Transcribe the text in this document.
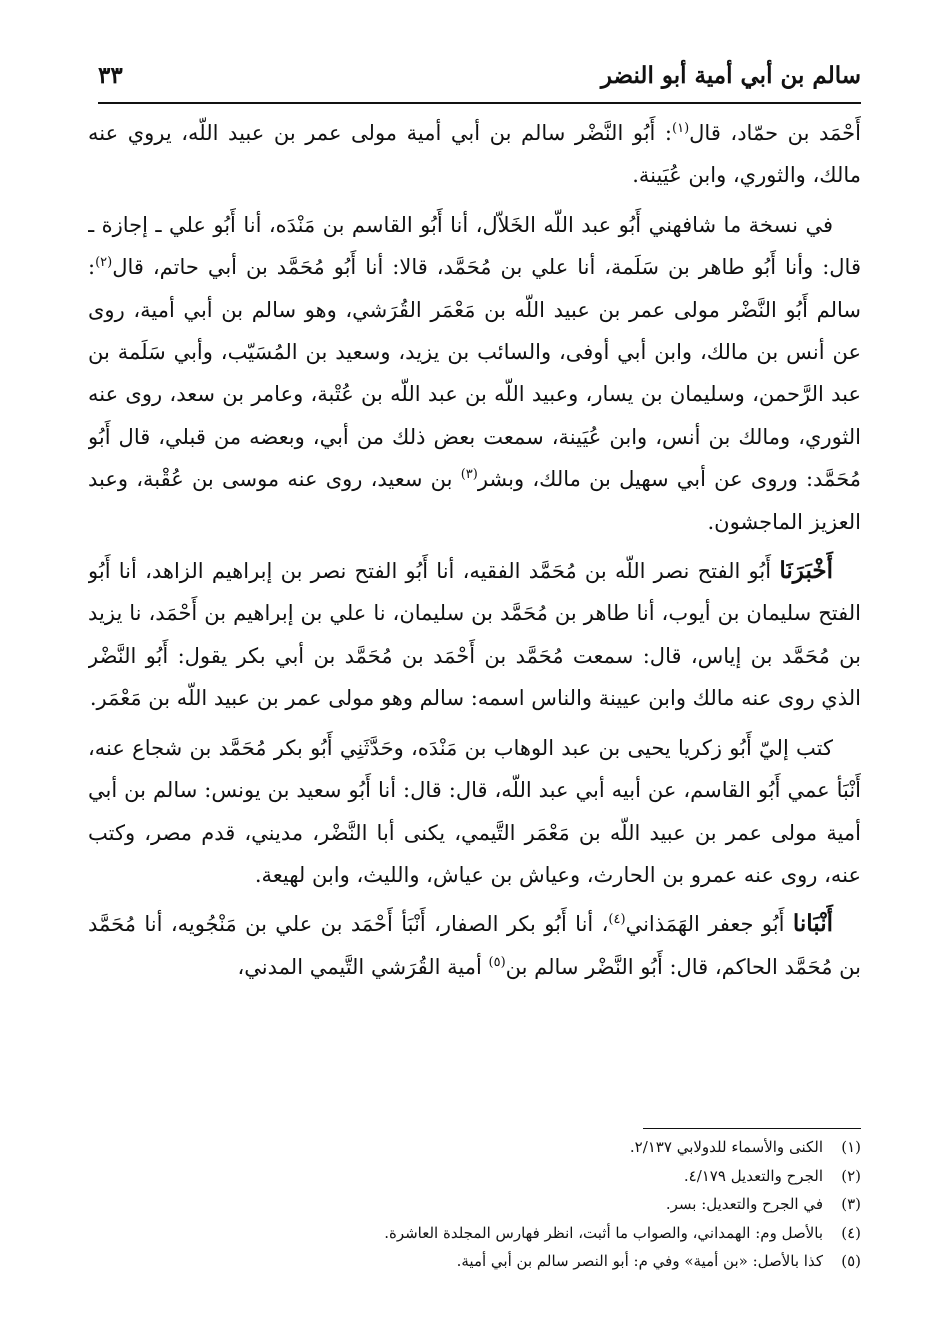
سالم بن أبي أمية أبو النضر
٣٣

أَحْمَد بن حمّاد، قال$^{(١)}$: أَبُو النَّضْر سالم بن أبي أمية مولى عمر بن عبيد اللّه، يروي عنه مالك، والثوري، وابن عُيَينة.

في نسخة ما شافهني أَبُو عبد اللّه الخَلاّل، أنا أَبُو القاسم بن مَنْدَه، أنا أَبُو علي ـ إجازة ـ قال: وأنا أَبُو طاهر بن سَلَمة، أنا علي بن مُحَمَّد، قالا: أنا أَبُو مُحَمَّد بن أبي حاتم، قال$^{(٢)}$: سالم أَبُو النَّضْر مولى عمر بن عبيد اللّه بن مَعْمَر القُرَشي، وهو سالم بن أبي أمية، روى عن أنس بن مالك، وابن أبي أوفى، والسائب بن يزيد، وسعيد بن المُسَيّب، وأبي سَلَمة بن عبد الرَّحمن، وسليمان بن يسار، وعبيد اللّه بن عبد اللّه بن عُتْبة، وعامر بن سعد، روى عنه الثوري، ومالك بن أنس، وابن عُيَينة، سمعت بعض ذلك من أبي، وبعضه من قبلي، قال أَبُو مُحَمَّد: وروى عن أبي سهيل بن مالك، وبشر$^{(٣)}$ بن سعيد، روى عنه موسى بن عُقْبة، وعبد العزيز الماجشون.

أَخْبَرَنَا أَبُو الفتح نصر اللّه بن مُحَمَّد الفقيه، أنا أَبُو الفتح نصر بن إبراهيم الزاهد، أنا أَبُو الفتح سليمان بن أيوب، أنا طاهر بن مُحَمَّد بن سليمان، نا علي بن إبراهيم بن أَحْمَد، نا يزيد بن مُحَمَّد بن إياس، قال: سمعت مُحَمَّد بن أَحْمَد بن مُحَمَّد بن أبي بكر يقول: أَبُو النَّضْر الذي روى عنه مالك وابن عيينة والناس اسمه: سالم وهو مولى عمر بن عبيد اللّه بن مَعْمَر.

كتب إليّ أَبُو زكريا يحيى بن عبد الوهاب بن مَنْدَه، وحَدَّثَنِي أَبُو بكر مُحَمَّد بن شجاع عنه، أَنْبَأ عمي أَبُو القاسم، عن أبيه أبي عبد اللّه، قال: قال: أنا أَبُو سعيد بن يونس: سالم بن أبي أمية مولى عمر بن عبيد اللّه بن مَعْمَر التَّيمي، يكنى أبا النَّضْر، مديني، قدم مصر، وكتب عنه، روى عنه عمرو بن الحارث، وعياش بن عياش، والليث، وابن لهيعة.

أَنْبَانا أَبُو جعفر الهَمَذاني$^{(٤)}$، أنا أَبُو بكر الصفار، أَنْبَأ أَحْمَد بن علي بن مَنْجُويه، أنا مُحَمَّد بن مُحَمَّد الحاكم، قال: أَبُو النَّضْر سالم بن$^{(٥)}$ أمية القُرَشي التَّيمي المدني،

(١)الكنى والأسماء للدولابي ٢/١٣٧.
(٢)الجرح والتعديل ٤/١٧٩.
(٣)في الجرح والتعديل: بسر.
(٤)بالأصل وم: الهمداني، والصواب ما أثبت، انظر فهارس المجلدة العاشرة.
(٥)كذا بالأصل: «بن أمية» وفي م: أبو النصر سالم بن أبي أمية.
